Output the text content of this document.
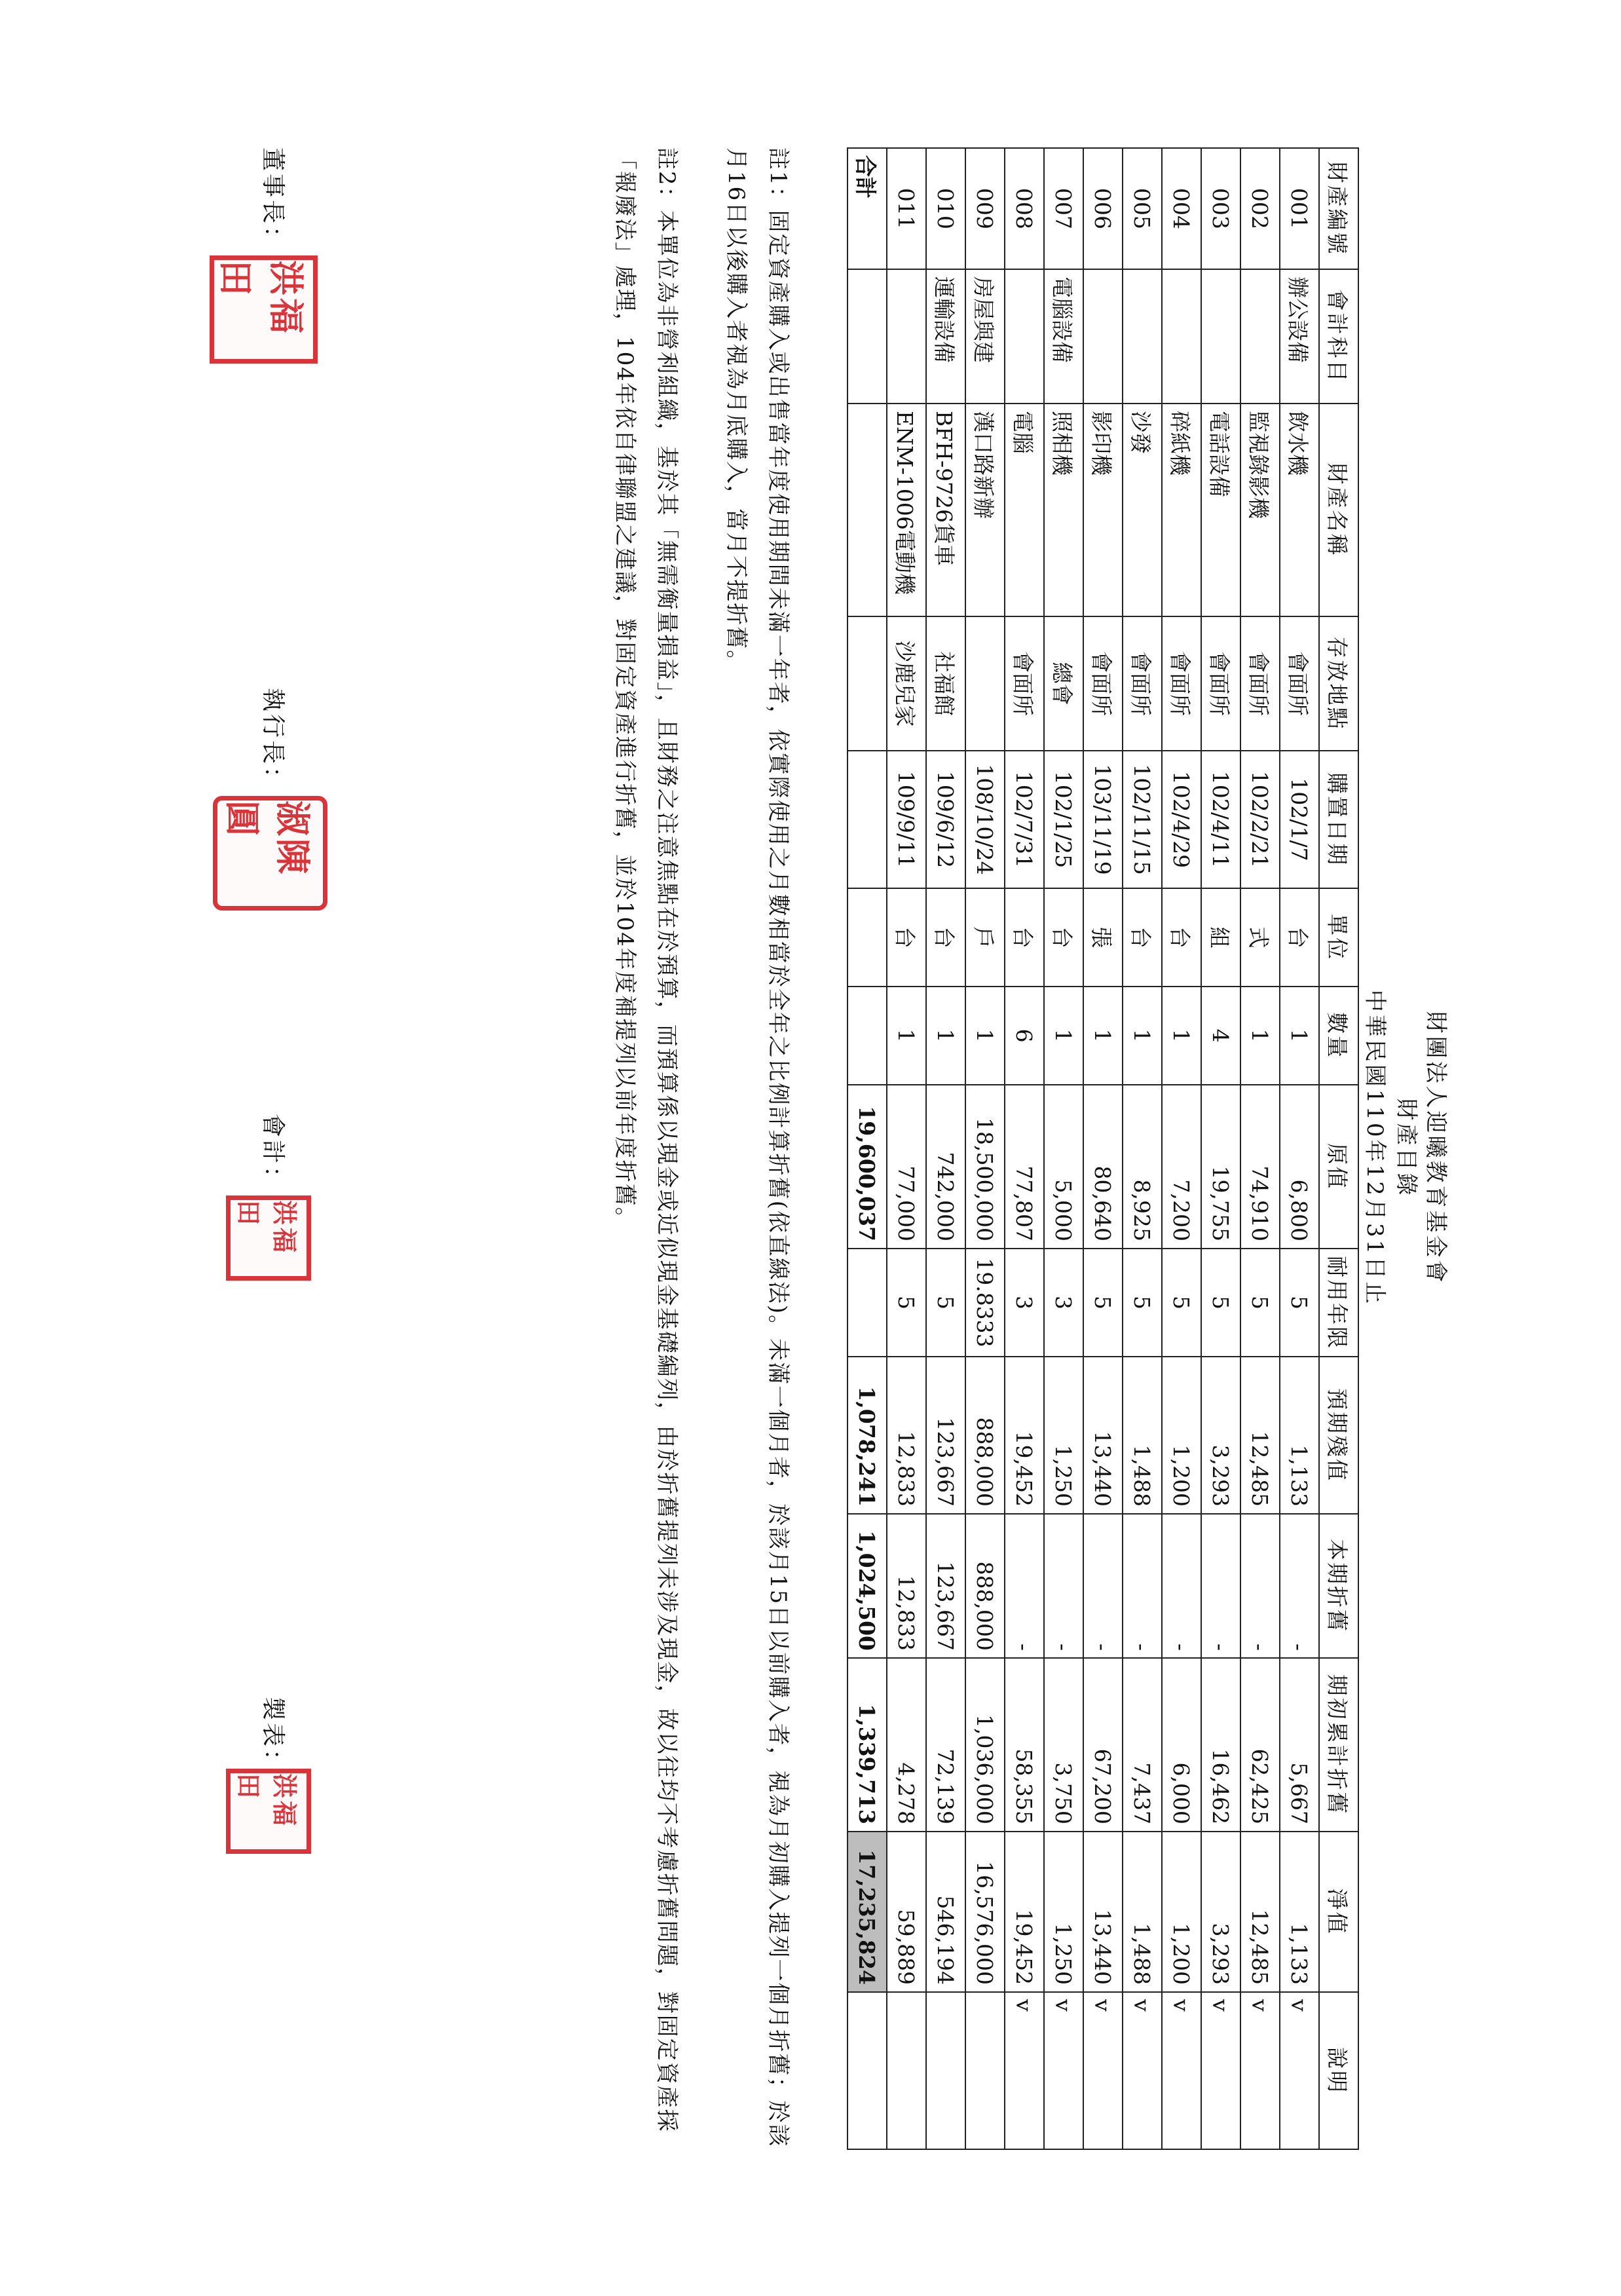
財團法人迎曦教育基金會
財產目錄
中華民國110年12月31日止
財產編號	會計科目	財產名稱	存放地點	購置日期	單位	數量	原值	耐用年限	預期殘值	本期折舊	期初累計折舊	淨值	說明
001	辦公設備	飲水機	會面所	102/1/7	台	1	6,800	5	1,133	-	5,667	1,133	v
002		監視錄影機	會面所	102/2/21	式	1	74,910	5	12,485	-	62,425	12,485	v
003		電話設備	會面所	102/4/11	組	4	19,755	5	3,293	-	16,462	3,293	v
004		碎紙機	會面所	102/4/29	台	1	7,200	5	1,200	-	6,000	1,200	v
005		沙發	會面所	102/11/15	台	1	8,925	5	1,488	-	7,437	1,488	v
006		影印機	會面所	103/11/19	張	1	80,640	5	13,440	-	67,200	13,440	v
007	電腦設備	照相機	總會	102/1/25	台	1	5,000	3	1,250	-	3,750	1,250	v
008		電腦	會面所	102/7/31	台	6	77,807	3	19,452	-	58,355	19,452	v
009	房屋與建	漢口路新辦		108/10/24	戶	1	18,500,000	19.8333	888,000	888,000	1,036,000	16,576,000	
010	運輸設備	BFH-9726貨車	社福館	109/6/12	台	1	742,000	5	123,667	123,667	72,139	546,194	
011		ENM-1006電動機	沙鹿兒家	109/9/11	台	1	77,000	5	12,833	12,833	4,278	59,889	
合計							19,600,037		1,078,241	1,024,500	1,339,713	17,235,824	
註1：固定資產購入或出售當年度使用期間未滿一年者，依實際使用之月數相當於全年之比例計算折舊(依直線法)。未滿一個月者，於該月15日以前購入者，視為月初購入提列一個月折舊；於該月16日以後購入者視為月底購入，當月不提折舊。
註2：本單位為非營利組織，基於其「無需衡量損益」，且財務之注意焦點在於預算，而預算係以現金或近似現金基礎編列，由於折舊提列未涉及現金，故以往均不考慮折舊問題，對固定資產採「報廢法」處理，104年依自律聯盟之建議，對固定資產進行折舊，並於104年度補提列以前年度折舊。
董事長：
洪福田
執行長：
淑陳圓
會計：
洪福田
製表：
洪福田
